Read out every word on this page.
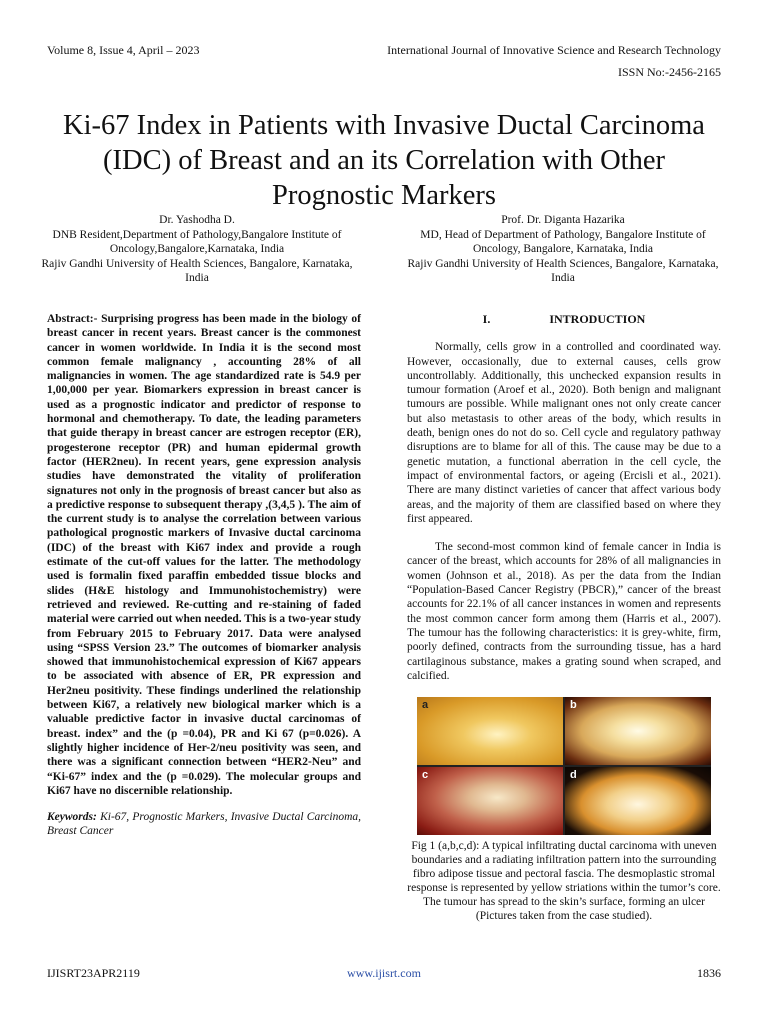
Volume 8, Issue 4, April – 2023	International Journal of Innovative Science and Research Technology
ISSN No:-2456-2165
Ki-67 Index in Patients with Invasive Ductal Carcinoma (IDC) of Breast and an its Correlation with Other Prognostic Markers
Dr. Yashodha D.
DNB Resident,Department of Pathology,Bangalore Institute of Oncology,Bangalore,Karnataka, India
Rajiv Gandhi University of Health Sciences, Bangalore, Karnataka, India
Prof. Dr. Diganta Hazarika
MD, Head of Department of Pathology, Bangalore Institute of Oncology, Bangalore, Karnataka, India
Rajiv Gandhi University of Health Sciences, Bangalore, Karnataka, India

Abstract:- Surprising progress has been made in the biology of breast cancer in recent years. Breast cancer is the commonest cancer in women worldwide. In India it is the second most common female malignancy , accounting 28% of all malignancies in women. The age standardized rate is 54.9 per 1,00,000 per year. Biomarkers expression in breast cancer is used as a prognostic indicator and predictor of response to hormonal and chemotherapy. To date, the leading parameters that guide therapy in breast cancer are estrogen receptor (ER), progesterone receptor (PR) and human epidermal growth factor (HER2neu). In recent years, gene expression analysis studies have demonstrated the vitality of proliferation signatures not only in the prognosis of breast cancer but also as a predictive response to subsequent therapy ,(3,4,5 ). The aim of the current study is to analyse the correlation between various pathological prognostic markers of Invasive ductal carcinoma (IDC) of the breast with Ki67 index and provide a rough estimate of the cut-off values for the latter. The methodology used is formalin fixed paraffin embedded tissue blocks and slides (H&E histology and Immunohistochemistry) were retrieved and reviewed. Re-cutting and re-staining of faded material were carried out when needed. This is a two-year study from February 2015 to February 2017. Data were analysed using “SPSS Version 23.” The outcomes of biomarker analysis showed that immunohistochemical expression of Ki67 appears to be associated with absence of ER, PR expression and Her2neu positivity. These findings underlined the relationship between Ki67, a relatively new biological marker which is a valuable predictive factor in invasive ductal carcinomas of breast. index” and the (p =0.04), PR and Ki 67 (p=0.026). A slightly higher incidence of Her-2/neu positivity was seen, and there was a significant connection between “HER2-Neu” and “Ki-67” index and the (p =0.029). The molecular groups and Ki67 have no discernible relationship.

Keywords: Ki-67, Prognostic Markers, Invasive Ductal Carcinoma, Breast Cancer

I.	INTRODUCTION

Normally, cells grow in a controlled and coordinated way. However, occasionally, due to external causes, cells grow uncontrollably. Additionally, this unchecked expansion results in tumour formation (Aroef et al., 2020). Both benign and malignant tumours are possible. While malignant ones not only create cancer but also metastasis to other areas of the body, which results in death, benign ones do not do so. Cell cycle and regulatory pathway disruptions are to blame for all of this. The cause may be due to a genetic mutation, a functional aberration in the cell cycle, the impact of environmental factors, or ageing (Ercisli et al., 2021). There are many distinct varieties of cancer that affect various body areas, and the majority of them are classified based on where they first appeared.

The second-most common kind of female cancer in India is cancer of the breast, which accounts for 28% of all malignancies in women (Johnson et al., 2018). As per the data from the Indian “Population-Based Cancer Registry (PBCR),” cancer of the breast accounts for 22.1% of all cancer instances in women and represents the most common cancer form among them (Harris et al., 2007). The tumour has the following characteristics: it is grey-white, firm, poorly defined, contracts from the surrounding tissue, has a hard cartilaginous substance, makes a grating sound when scraped, and calcified.

a	b
c	d

Fig 1 (a,b,c,d): A typical infiltrating ductal carcinoma with uneven boundaries and a radiating infiltration pattern into the surrounding fibro adipose tissue and pectoral fascia. The desmoplastic stromal response is represented by yellow striations within the tumor’s core. The tumour has spread to the skin’s surface, forming an ulcer (Pictures taken from the case studied).

IJISRT23APR2119	www.ijisrt.com	1836
